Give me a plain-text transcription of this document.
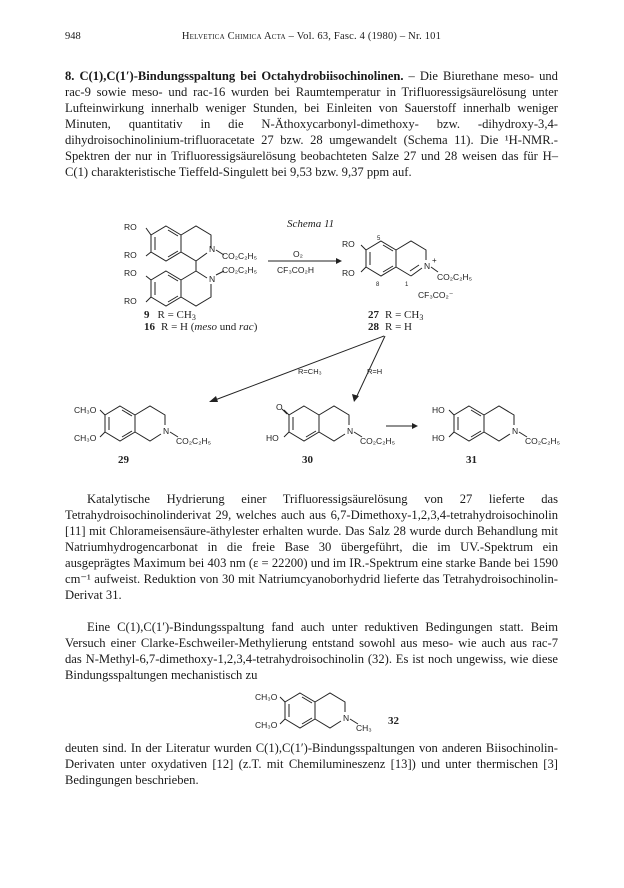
948	Helvetica Chimica Acta – Vol. 63, Fasc. 4 (1980) – Nr. 101
8. C(1),C(1′)-Bindungsspaltung bei Octahydrobiisochinolinen. – Die Biurethane meso- und rac-9 sowie meso- und rac-16 wurden bei Raumtemperatur in Trifluoressigsäurelösung unter Lufteinwirkung innerhalb weniger Stunden, bei Einleiten von Sauerstoff innerhalb weniger Minuten, quantitativ in die N-Äthoxycarbonyl-dimethoxy- bzw. -dihydroxy-3,4-dihydroisochinolinium-trifluoracetate 27 bzw. 28 umgewandelt (Schema 11). Die ¹H-NMR.-Spektren der nur in Trifluoressigsäurelösung beobachteten Salze 27 und 28 weisen das für H–C(1) charakteristische Tieffeld-Singulett bei 9,53 bzw. 9,37 ppm auf.
Schema 11
RO
RO
RO
RO
N
N
CO₂C₂H₅
CO₂C₂H₅
O₂
CF₃CO₂H
RO
RO
5
8	1
N
+
CO₂C₂H₅
CF₃CO₂⁻
9 R = CH3
16 R = H (meso und rac)
27 R = CH3
28 R = H
R=CH₃	R=H
CH₃O
CH₃O
N
CO₂C₂H₅
29
O
HO
N
CO₂C₂H₅
30
HO
HO
N
CO₂C₂H₅
31
CH₃O
CH₃O
N
CH₃
32
Katalytische Hydrierung einer Trifluoressigsäurelösung von 27 lieferte das Tetrahydroisochinolinderivat 29, welches auch aus 6,7-Dimethoxy-1,2,3,4-tetrahydroisochinolin [11] mit Chlorameisensäure-äthylester erhalten wurde. Das Salz 28 wurde durch Behandlung mit Natriumhydrogencarbonat in die freie Base 30 übergeführt, die im UV.-Spektrum ein ausgeprägtes Maximum bei 403 nm (ε = 22200) und im IR.-Spektrum eine starke Bande bei 1590 cm⁻¹ aufweist. Reduktion von 30 mit Natriumcyanoborhydrid lieferte das Tetrahydroisochinolin-Derivat 31.
Eine C(1),C(1′)-Bindungsspaltung fand auch unter reduktiven Bedingungen statt. Beim Versuch einer Clarke-Eschweiler-Methylierung entstand sowohl aus meso- wie auch aus rac-7 das N-Methyl-6,7-dimethoxy-1,2,3,4-tetrahydroisochinolin (32). Es ist noch ungewiss, wie diese Bindungsspaltungen mechanistisch zu
deuten sind. In der Literatur wurden C(1),C(1′)-Bindungsspaltungen von anderen Biisochinolin-Derivaten unter oxydativen [12] (z.T. mit Chemilumineszenz [13]) und unter thermischen [3] Bedingungen beschrieben.
